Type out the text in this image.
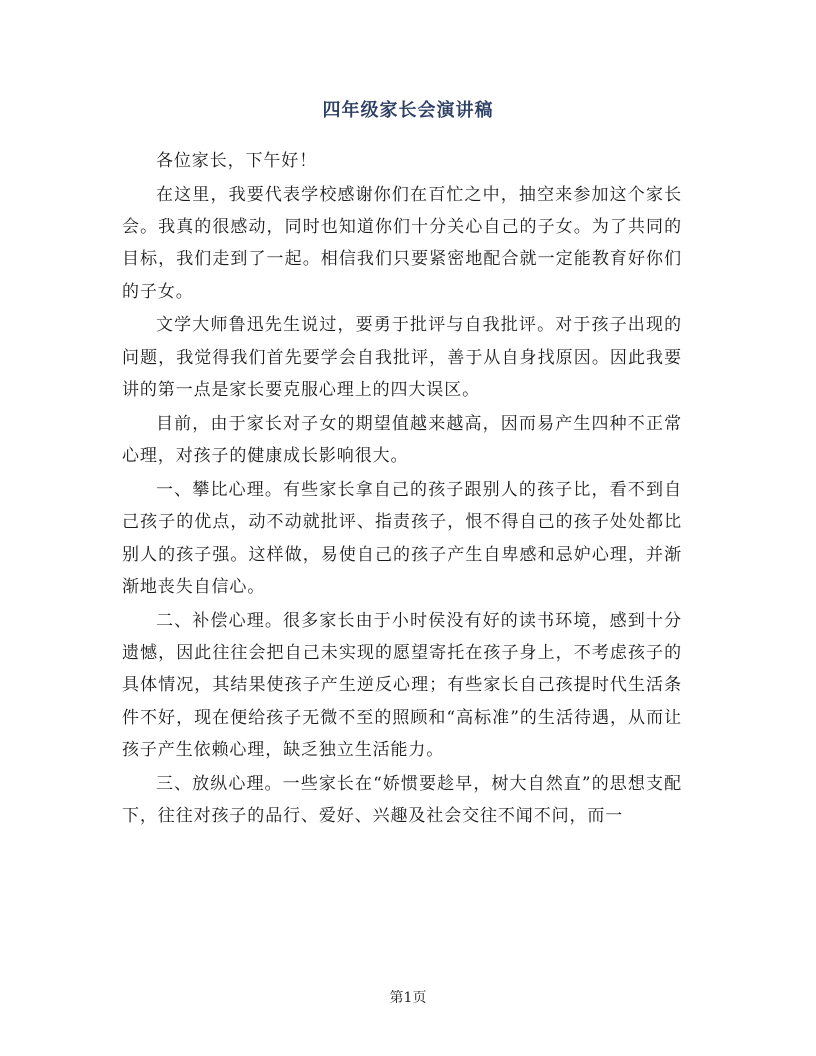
四年级家长会演讲稿

各位家长，下午好！

在这里，我要代表学校感谢你们在百忙之中，抽空来参加这个家长会。我真的很感动，同时也知道你们十分关心自己的子女。为了共同的目标，我们走到了一起。相信我们只要紧密地配合就一定能教育好你们的子女。

文学大师鲁迅先生说过，要勇于批评与自我批评。对于孩子出现的问题，我觉得我们首先要学会自我批评，善于从自身找原因。因此我要讲的第一点是家长要克服心理上的四大误区。

目前，由于家长对子女的期望值越来越高，因而易产生四种不正常心理，对孩子的健康成长影响很大。

一、攀比心理。有些家长拿自己的孩子跟别人的孩子比，看不到自己孩子的优点，动不动就批评、指责孩子，恨不得自己的孩子处处都比别人的孩子强。这样做，易使自己的孩子产生自卑感和忌妒心理，并渐渐地丧失自信心。

二、补偿心理。很多家长由于小时侯没有好的读书环境，感到十分遗憾，因此往往会把自己未实现的愿望寄托在孩子身上，不考虑孩子的具体情况，其结果使孩子产生逆反心理；有些家长自己孩提时代生活条件不好，现在便给孩子无微不至的照顾和“高标准”的生活待遇，从而让孩子产生依赖心理，缺乏独立生活能力。

三、放纵心理。一些家长在“娇惯要趁早，树大自然直”的思想支配下，往往对孩子的品行、爱好、兴趣及社会交往不闻不问，而一

第1页
